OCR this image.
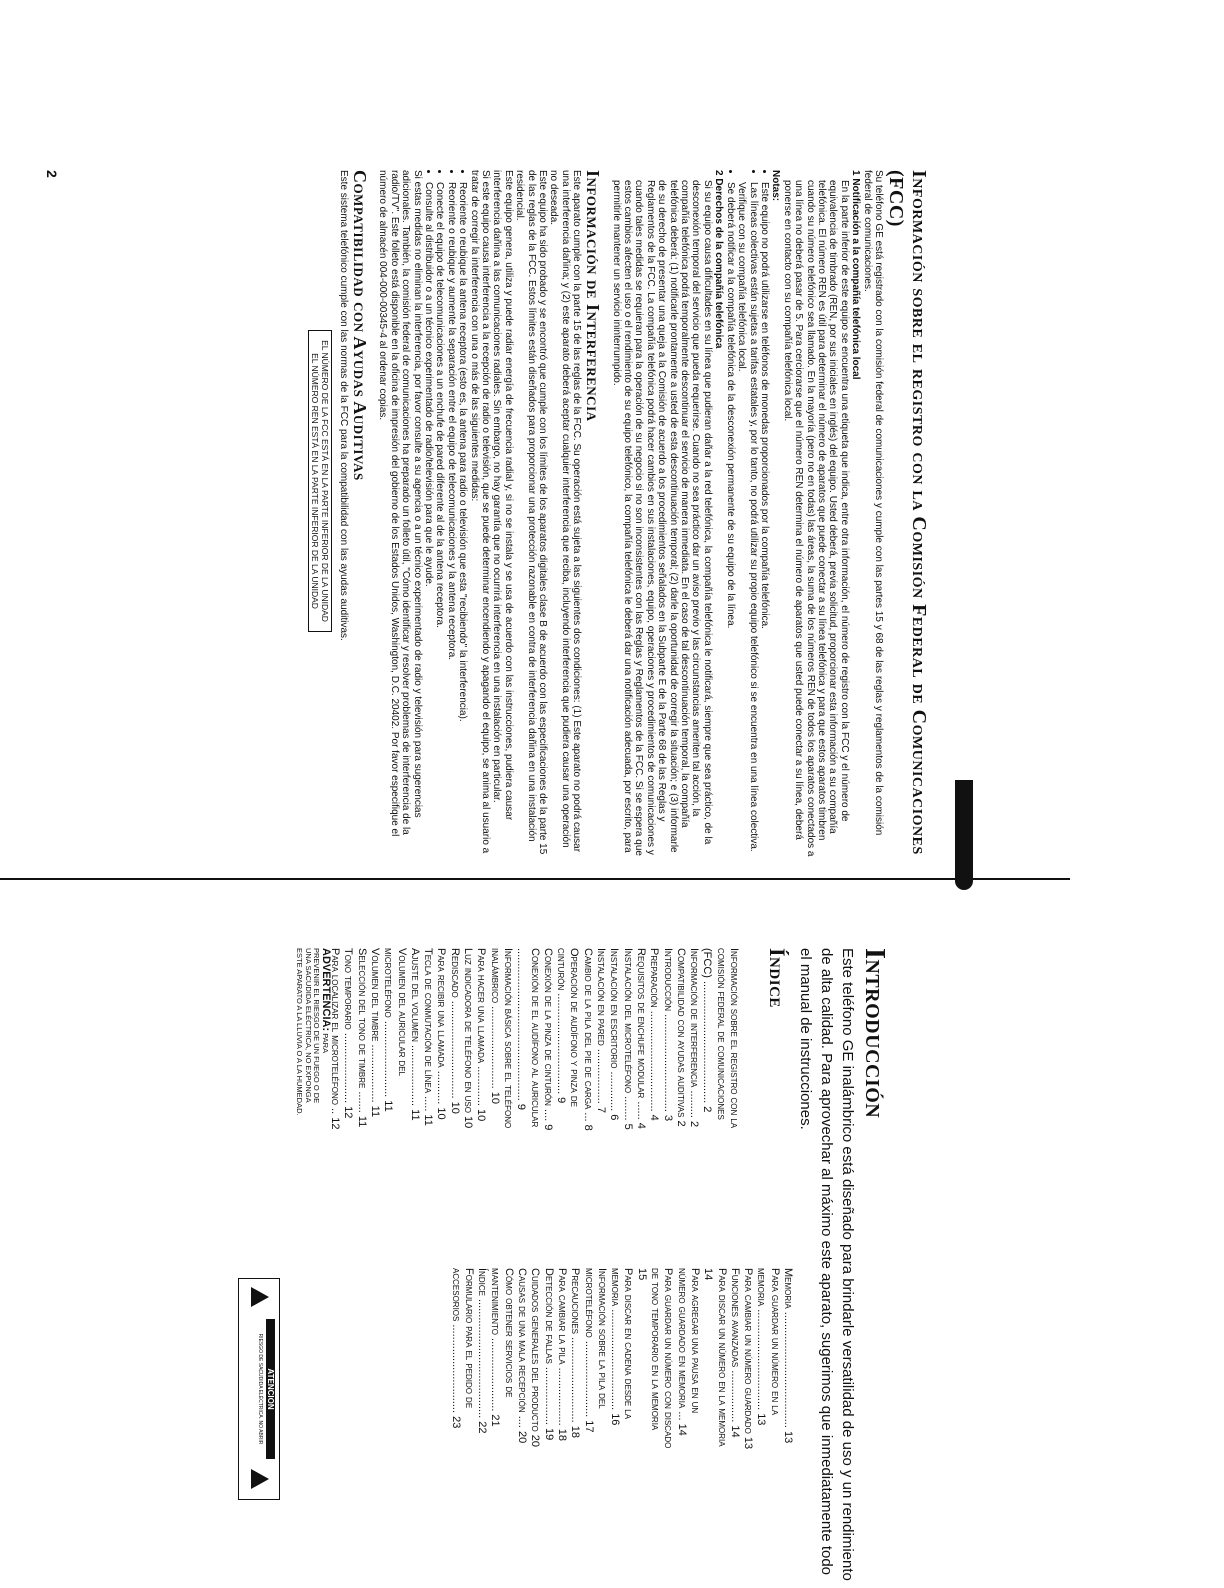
Información sobre el registro con la Comisión Federal de Comunicaciones (FCC)

Su teléfono GE está registrado con la comisión federal de comunicaciones y cumple con las partes 15 y 68 de las reglas y reglamentos de la comisión federal de comunicaciones.

1 Notificación a la compañía telefónica local

En la parte inferior de este equipo se encuentra una etiqueta que indica, entre otra información, el número de registro con la FCC y el número de equivalencia de timbrado (REN, por sus iniciales en inglés) del equipo. Usted deberá, previa solicitud, proporcionar esta información a su compañía telefónica. El número REN es útil para determinar el número de aparatos que puede conectar a su línea telefónica y para que estos aparatos timbren cuando su número telefónico sea llamado. En la mayoría (pero no en todas) las áreas, la suma de los números REN de todos los aparatos conectados a una línea no deberá pasar de 5. Para cerciorarse que el número REN determina el número de aparatos que usted puede conectar a su línea, deberá ponerse en contacto con su compañía telefónica local.

Notas:

• Este equipo no podrá utilizarse en teléfonos de monedas proporcionados por la compañía telefónica.
• Las líneas colectivas están sujetas a tarifas estatales y, por lo tanto, no podrá utilizar su propio equipo telefónico si se encuentra en una línea colectiva. Verifique con su compañía telefónica local.
• Se deberá notificar a la compañía telefónica de la desconexión permanente de su equipo de la línea.

2 Derechos de la compañía telefónica

Si su equipo causa dificultades en su línea que pudieran dañar a la red telefónica, la compañía telefónica le notificará, siempre que sea práctico, de la desconexión temporal del servicio que pueda requerirse. Cuando no sea práctico dar un aviso previo y las circunstancias ameriten tal acción, la compañía telefónica podrá temporalmente descontinuar el servicio de manera inmediata. En el caso de tal descontinuación temporal, la compañía telefónica deberá: (1) notificarle prontamente a usted de esta descontinuación temporal; (2) darle la oportunidad de corregir la situación; e (3) informarle de su derecho de presentar una queja a la Comisión de acuerdo a los procedimientos señalados en la Subparte E de la Parte 68 de las Reglas y Reglamentos de la FCC. La compañía telefónica podrá hacer cambios en sus instalaciones, equipo, operaciones y procedimientos de comunicaciones y cuando tales medidas se requieran para la operación de su negocio si no son inconsistentes con las Reglas y Reglamentos de la FCC. Si se espera que estos cambios afecten el uso o el rendimiento de su equipo telefónico, la compañía telefónica le deberá dar una notificación adecuada, por escrito, para permitirle mantener un servicio ininterrumpido.

Información de Interferencia

Este aparato cumple con la parte 15 de las reglas de la FCC. Su operación está sujeta a las siguientes dos condiciones: (1) Este aparato no podrá causar una interferencia dañina; y (2) este aparato deberá aceptar cualquier interferencia que reciba, incluyendo interferencia que pudiera causar una operación no deseada.

Este equipo ha sido probado y se encontró que cumple con los límites de los aparatos digitales clase B de acuerdo con las especificaciones de la parte 15 de las reglas de la FCC. Estos límites están diseñados para proporcionar una protección razonable en contra de interferencia dañina en una instalación residencial.

Este equipo genera, utiliza y puede radiar energía de frecuencia radial y, si no se instala y se usa de acuerdo con las instrucciones, pudiera causar interferencia dañina a las comunicaciones radiales. Sin embargo, no hay garantía que no ocurrirá interferencia en una instalación en particular.

Si este equipo causa interferencia a la recepción de radio o televisión, que se puede determinar encendiendo y apagando el equipo, se anima al usuario a tratar de corregir la interferencia con una o más de las siguientes medidas:

• Reoriente o reubique la antena receptora (esto es, la antena para radio o televisión que esta "recibiendo" la interferencia).
• Reoriente o reubique y aumente la separación entre el equipo de telecomunicaciones y la antena receptora.
• Conecte el equipo de telecomunicaciones a un enchufe de pared diferente al de la antena receptora.
• Consulte al distribuidor o a un técnico experimentado de radio/televisión para que le ayude.

Si estas medidas no eliminan la interferencia, por favor consulte a su agencia o a un técnico experimentado de radio y televisión para sugerencias adicionales. También, la comisión federal de comunicaciones ha preparado un folleto útil, "Cómo identificar y resolver problemas de interferencia de la radio/TV". Este folleto está disponible en la oficina de impresión del gobierno de los Estados Unidos, Washington, D.C. 20402. Por favor especifique el número de almacén 004-000-00345-4 al ordenar copias.

Compatibilidad con Ayudas Auditivas

Este sistema telefónico cumple con las normas de la FCC para la compatibilidad con las ayudas auditivas.

EL NÚMERO DE LA FCC ESTÁ EN LA PARTE INFERIOR DE LA UNIDAD
EL NÚMERO REN ESTÁ EN LA PARTE INFERIOR DE LA UNIDAD
2
Introducción
Este teléfono GE inalámbrico está diseñado para brindarle versatilidad de uso y un rendimiento de alta calidad. Para aprovechar al máximo este aparato, sugerimos que inmediatamente todo el manual de instrucciones.
Índice
Información sobre el registro con la
comisión federal de comunicaciones
(FCC) ........................................ 2
Información de interferencia ......... 2
Compatibilidad con ayudas auditivas 2
Introducción ................................ 3
Preparación ................................. 4
Requisitos de enchufe modular ...... 4
Instalación del microteléfono ........ 5
Instalación en escritorio ............. 6
Instalación en pared .................. 7
Cambio de la pila del pie de carga ... 8
Operación de audífono y pinza de
cinturón ................................. 9
Conexión de la pinza de cinturón .... 9
Conexión de el audífono al auricular
.................................................. 9
Información básica sobre el teléfono
inalámbrico ........................... 10
Para hacer una llamada ............. 10
Luz indicadora de teléfono en uso 10
Rediscado ................................ 10
Para recibir una llamada ........... 10
Tecla de conmutación de línea ..... 11
Ajuste del volumen .................... 11
Volumen del auricular del
microteléfono ......................... 11
Volumen del timbre ................... 11
Selección del tono de timbre ....... 11
Tono temporario ....................... 12
Para localizar el microteléfono .. 12
Memoria ...................................... 13
Para guardar un número en la
memoria ................................. 13
Para cambiar un número guardado 13
Funciones avanzadas ................. 14
Para discar un número en la memoria
14
Para agregar una pausa en un
número guardado en memoria ... 14
Para guardar un número con discado
de tono temporario en la memoria
15
Para discar en cadena desde la
memoria ................................. 16
Información sobre la pila del
microteléfono ......................... 17
Precauciones ............................ 18
Para cambiar la pila ................... 18
Detección de fallas ................... 19
Cuidados generales del producto 20
Causas de una mala recepción .... 20
Cómo obtener servicios de
mantenimiento ........................ 21
Índice ....................................... 22
Formulario para el pedido de
accesorios ............................. 23
ADVERTENCIA: PARA
PREVENIR EL RIESGO DE UN FUEGO O DE
UNA SACUDIDA ELÉCTRICA, NO EXPONGA
ESTE APARATO A LA LLUVIA O A LA HUMEDAD.
ATENCION
RIESGO DE SACUDIDA ELÉCTRICA. NO ABRIR
